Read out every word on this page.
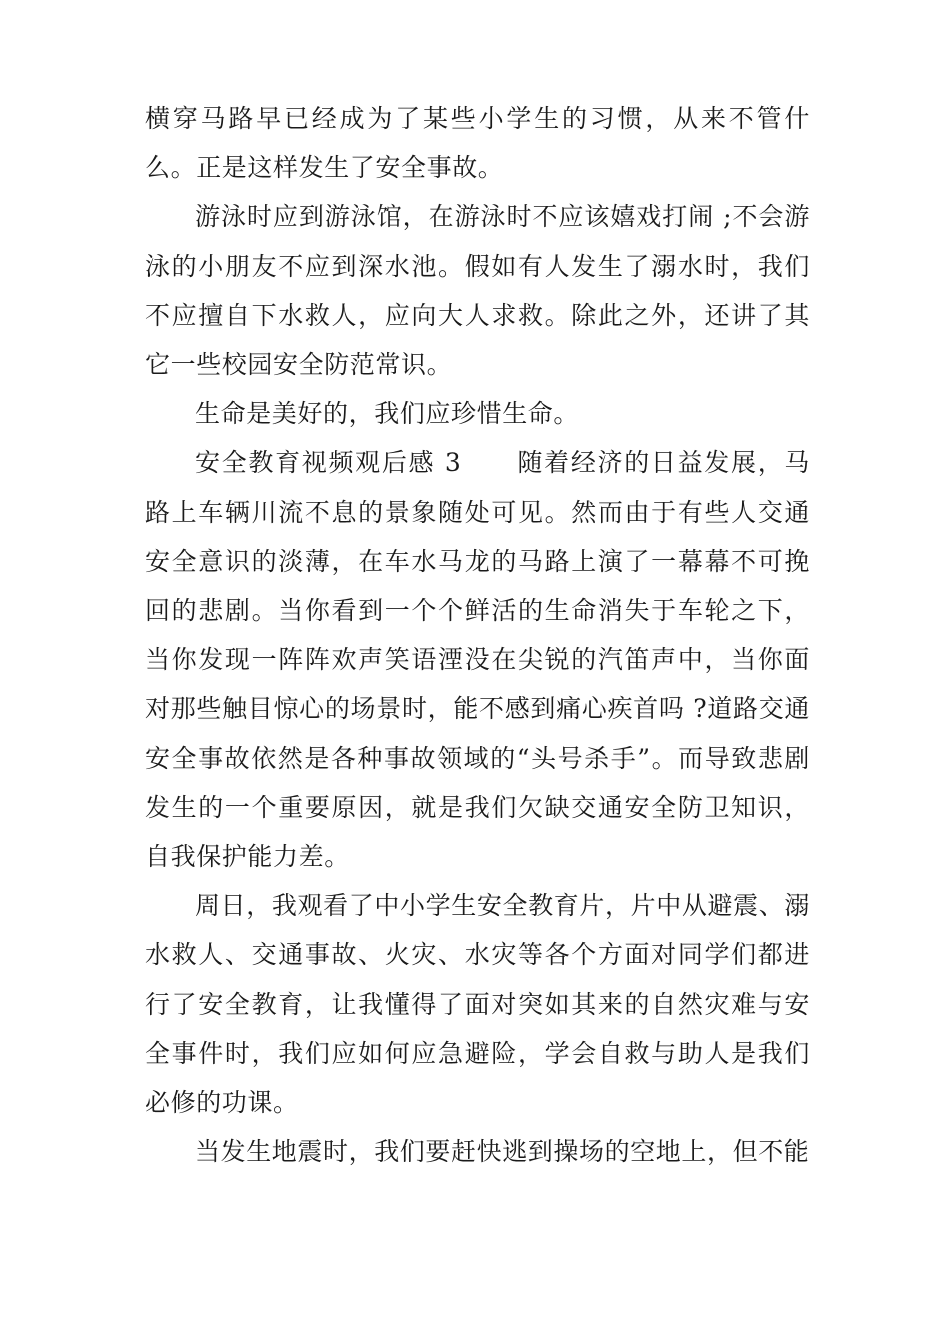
横穿马路早已经成为了某些小学生的习惯，从来不管什么。正是这样发生了安全事故。

游泳时应到游泳馆，在游泳时不应该嬉戏打闹 ;不会游泳的小朋友不应到深水池。假如有人发生了溺水时，我们不应擅自下水救人，应向大人求救。除此之外，还讲了其它一些校园安全防范常识。

生命是美好的，我们应珍惜生命。

安全教育视频观后感 3 随着经济的日益发展，马路上车辆川流不息的景象随处可见。然而由于有些人交通安全意识的淡薄，在车水马龙的马路上演了一幕幕不可挽回的悲剧。当你看到一个个鲜活的生命消失于车轮之下，当你发现一阵阵欢声笑语湮没在尖锐的汽笛声中，当你面对那些触目惊心的场景时，能不感到痛心疾首吗 ?道路交通安全事故依然是各种事故领域的“头号杀手”。而导致悲剧发生的一个重要原因，就是我们欠缺交通安全防卫知识，自我保护能力差。

周日，我观看了中小学生安全教育片，片中从避震、溺水救人、交通事故、火灾、水灾等各个方面对同学们都进行了安全教育，让我懂得了面对突如其来的自然灾难与安全事件时，我们应如何应急避险，学会自救与助人是我们必修的功课。

当发生地震时，我们要赶快逃到操场的空地上，但不能
